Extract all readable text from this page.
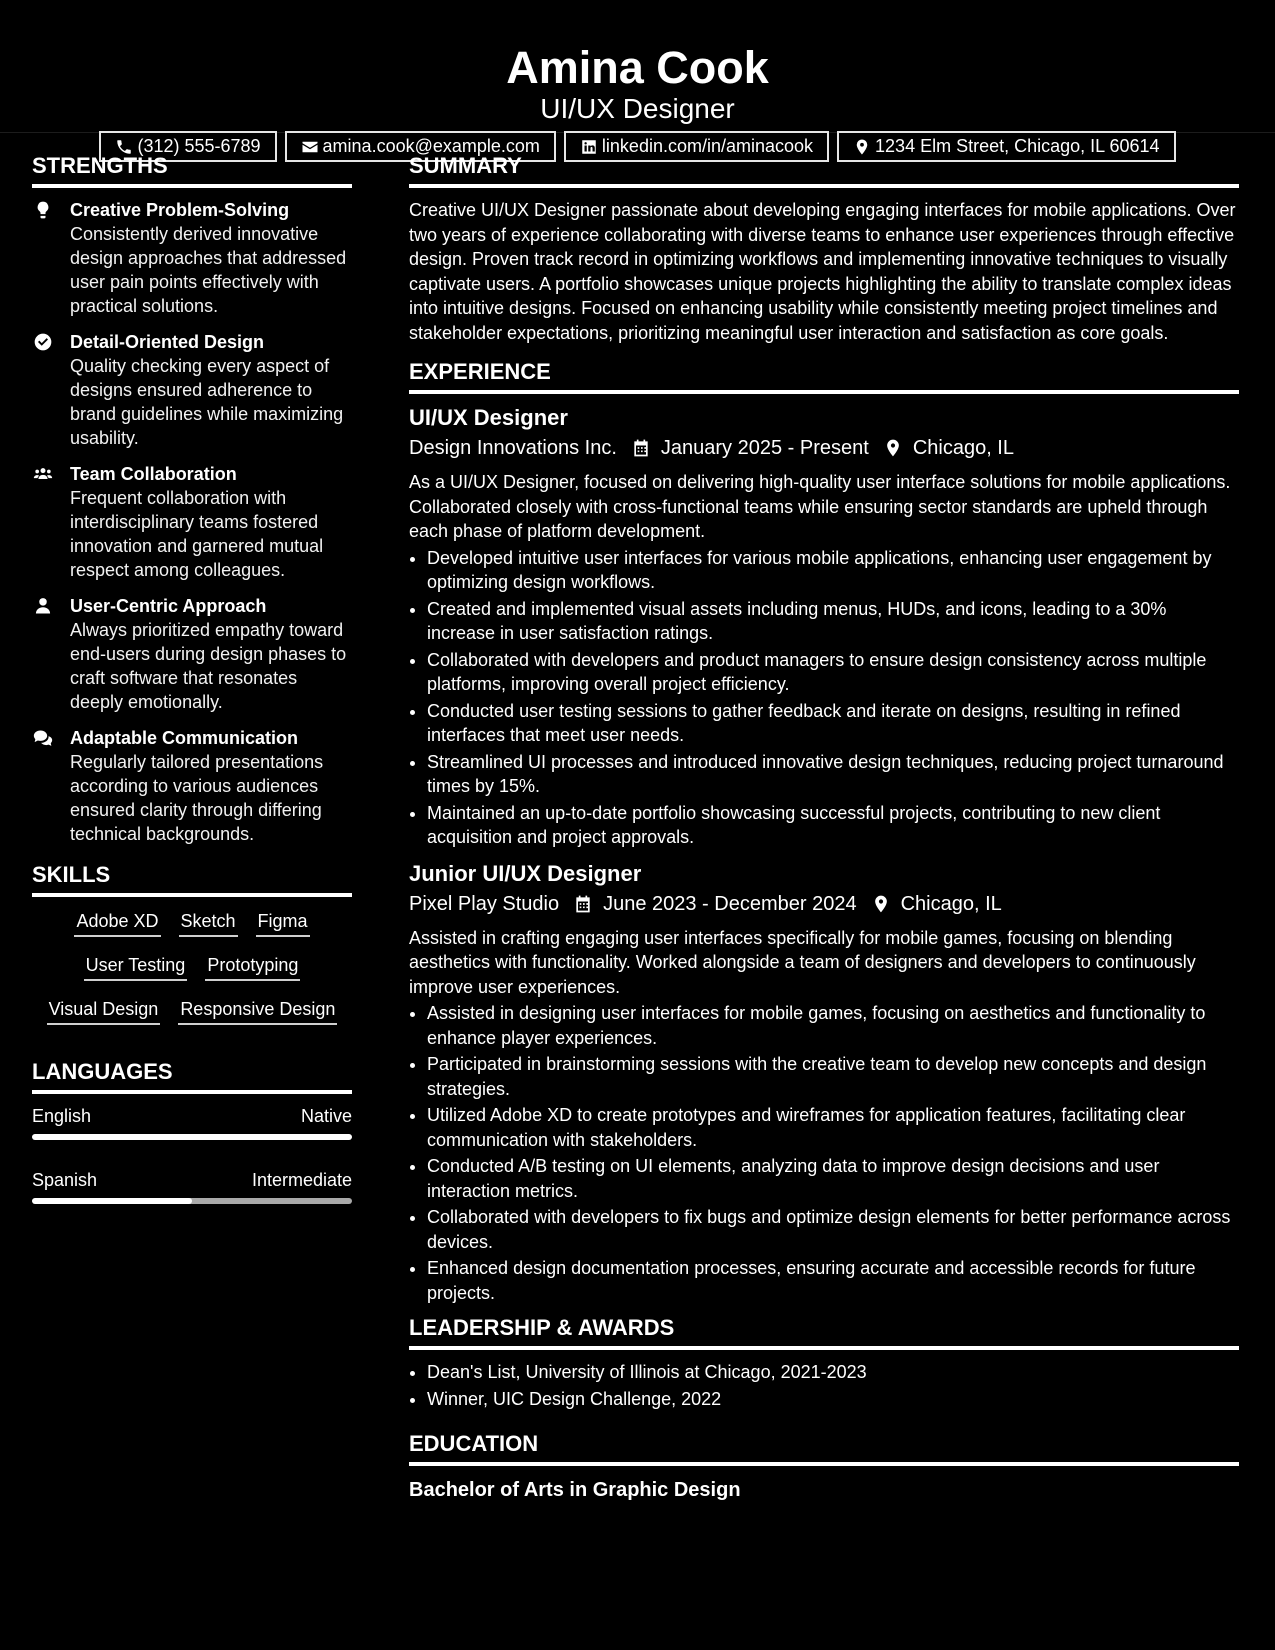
Amina Cook
UI/UX Designer
(312) 555-6789	amina.cook@example.com	linkedin.com/in/aminacook	1234 Elm Street, Chicago, IL 60614
STRENGTHS
Creative Problem-Solving
Consistently derived innovative design approaches that addressed user pain points effectively with practical solutions.
Detail-Oriented Design
Quality checking every aspect of designs ensured adherence to brand guidelines while maximizing usability.
Team Collaboration
Frequent collaboration with interdisciplinary teams fostered innovation and garnered mutual respect among colleagues.
User-Centric Approach
Always prioritized empathy toward end-users during design phases to craft software that resonates deeply emotionally.
Adaptable Communication
Regularly tailored presentations according to various audiences ensured clarity through differing technical backgrounds.
SKILLS
Adobe XD Sketch Figma
User Testing Prototyping
Visual Design Responsive Design
LANGUAGES
English	Native
Spanish	Intermediate
SUMMARY
Creative UI/UX Designer passionate about developing engaging interfaces for mobile applications. Over two years of experience collaborating with diverse teams to enhance user experiences through effective design. Proven track record in optimizing workflows and implementing innovative techniques to visually captivate users. A portfolio showcases unique projects highlighting the ability to translate complex ideas into intuitive designs. Focused on enhancing usability while consistently meeting project timelines and stakeholder expectations, prioritizing meaningful user interaction and satisfaction as core goals.
EXPERIENCE
UI/UX Designer
Design Innovations Inc. January 2025 - Present Chicago, IL
As a UI/UX Designer, focused on delivering high-quality user interface solutions for mobile applications. Collaborated closely with cross-functional teams while ensuring sector standards are upheld through each phase of platform development.
• Developed intuitive user interfaces for various mobile applications, enhancing user engagement by optimizing design workflows.
• Created and implemented visual assets including menus, HUDs, and icons, leading to a 30% increase in user satisfaction ratings.
• Collaborated with developers and product managers to ensure design consistency across multiple platforms, improving overall project efficiency.
• Conducted user testing sessions to gather feedback and iterate on designs, resulting in refined interfaces that meet user needs.
• Streamlined UI processes and introduced innovative design techniques, reducing project turnaround times by 15%.
• Maintained an up-to-date portfolio showcasing successful projects, contributing to new client acquisition and project approvals.
Junior UI/UX Designer
Pixel Play Studio June 2023 - December 2024 Chicago, IL
Assisted in crafting engaging user interfaces specifically for mobile games, focusing on blending aesthetics with functionality. Worked alongside a team of designers and developers to continuously improve user experiences.
• Assisted in designing user interfaces for mobile games, focusing on aesthetics and functionality to enhance player experiences.
• Participated in brainstorming sessions with the creative team to develop new concepts and design strategies.
• Utilized Adobe XD to create prototypes and wireframes for application features, facilitating clear communication with stakeholders.
• Conducted A/B testing on UI elements, analyzing data to improve design decisions and user interaction metrics.
• Collaborated with developers to fix bugs and optimize design elements for better performance across devices.
• Enhanced design documentation processes, ensuring accurate and accessible records for future projects.
LEADERSHIP & AWARDS
• Dean's List, University of Illinois at Chicago, 2021-2023
• Winner, UIC Design Challenge, 2022
EDUCATION
Bachelor of Arts in Graphic Design
